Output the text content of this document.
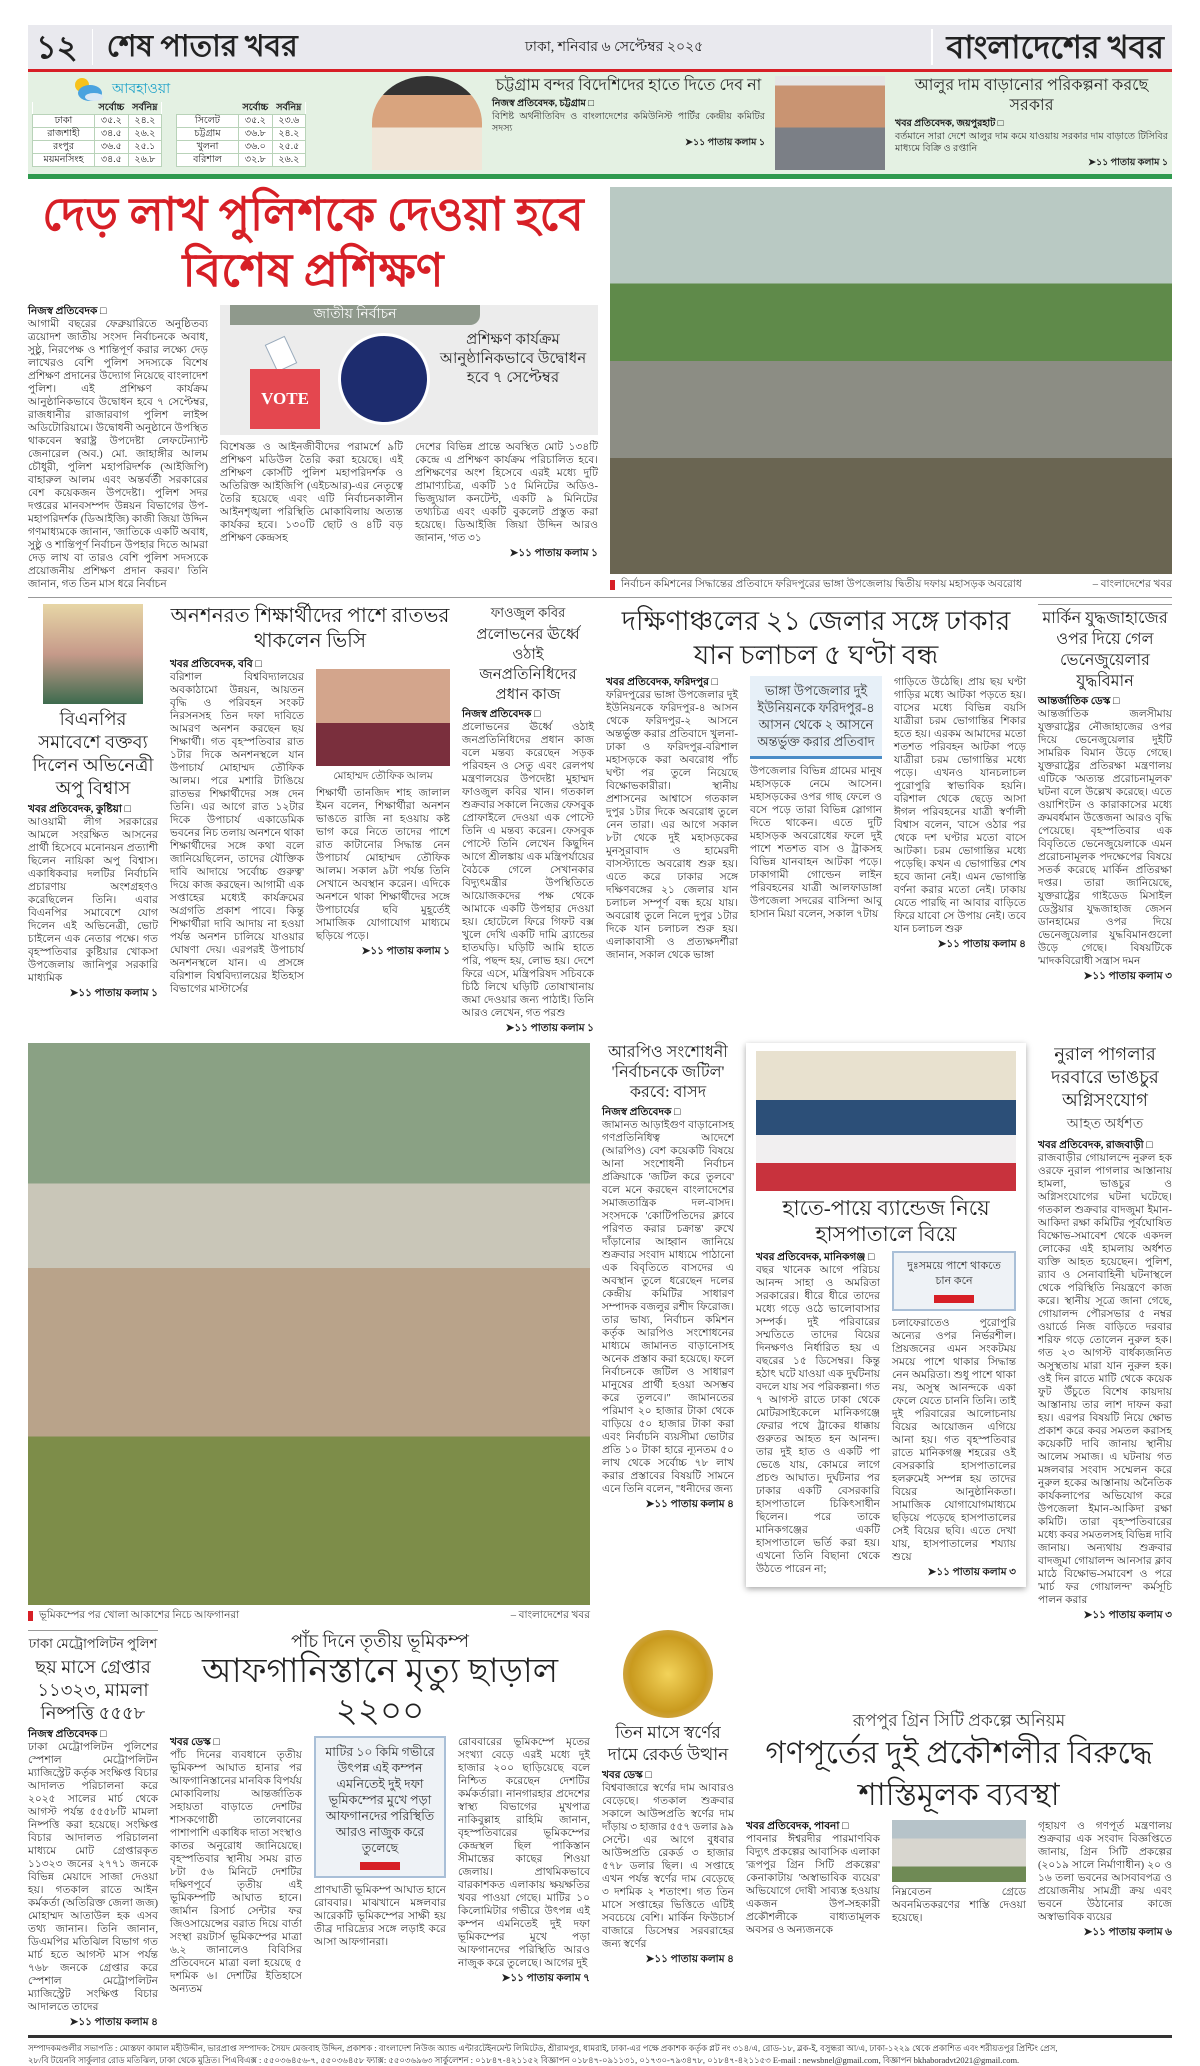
১২ শেষ পাতার খবর	ঢাকা, শনিবার ৬ সেপ্টেম্বর ২০২৫	বাংলাদেশের খবর
আবহাওয়া
	সর্বোচ্চ	সর্বনিম্ন
ঢাকা	৩৫.২	২৪.২
রাজশাহী	৩৪.৫	২৬.২
রংপুর	৩৬.৫	২৫.১
ময়মনসিংহ	৩৪.৫	২৬.৮
	সর্বোচ্চ	সর্বনিম্ন
সিলেট	৩৫.২	২৩.৬
চট্টগ্রাম	৩৬.৮	২৪.২
খুলনা	৩৬.০	২৫.৫
বরিশাল	৩২.৮	২৬.২
চট্টগ্রাম বন্দর বিদেশিদের হাতে দিতে দেব না
নিজস্ব প্রতিবেদক, চট্টগ্রাম □
বিশিষ্ট অর্থনীতিবিদ ও বাংলাদেশের কমিউনিস্ট পার্টির কেন্দ্রীয় কমিটির সদস্য
➤ ১১ পাতায় কলাম ১
আলুর দাম বাড়ানোর পরিকল্পনা করছে সরকার
খবর প্রতিবেদক, জয়পুরহাট □
বর্তমানে সারা দেশে আলুর দাম কমে যাওয়ায় সরকার দাম বাড়াতে টিসিবির মাধ্যমে বিক্রি ও রপ্তানি
➤ ১১ পাতায় কলাম ১
দেড় লাখ পুলিশকে দেওয়া হবে বিশেষ প্রশিক্ষণ
নিজস্ব প্রতিবেদক □
আগামী বছরের ফেব্রুয়ারিতে অনুষ্ঠিতব্য ত্রয়োদশ জাতীয় সংসদ নির্বাচনকে অবাধ, সুষ্ঠু, নিরপেক্ষ ও শান্তিপূর্ণ করার লক্ষ্যে দেড় লাখেরও বেশি পুলিশ সদস্যকে বিশেষ প্রশিক্ষণ প্রদানের উদ্যোগ নিয়েছে বাংলাদেশ পুলিশ। এই প্রশিক্ষণ কার্যক্রম আনুষ্ঠানিকভাবে উদ্বোধন হবে ৭ সেপ্টেম্বর, রাজধানীর রাজারবাগ পুলিশ লাইন্স অডিটোরিয়ামে। উদ্বোধনী অনুষ্ঠানে উপস্থিত থাকবেন স্বরাষ্ট্র উপদেষ্টা লেফটেন্যান্ট জেনারেল (অব.) মো. জাহাঙ্গীর আলম চৌধুরী, পুলিশ মহাপরিদর্শক (আইজিপি) বাহারুল আলম এবং অন্তর্বর্তী সরকারের বেশ কয়েকজন উপদেষ্টা। পুলিশ সদর দপ্তরের মানবসম্পদ উন্নয়ন বিভাগের উপ-মহাপরিদর্শক (ডিআইজি) কাজী জিয়া উদ্দিন গণমাধ্যমকে জানান, 'জাতিকে একটি অবাধ, সুষ্ঠু ও শান্তিপূর্ণ নির্বাচন উপহার দিতে আমরা দেড় লাখ বা তারও বেশি পুলিশ সদস্যকে প্রয়োজনীয় প্রশিক্ষণ প্রদান করব।' তিনি জানান, গত তিন মাস ধরে নির্বাচন
জাতীয় নির্বাচন
VOTE
প্রশিক্ষণ কার্যক্রম আনুষ্ঠানিকভাবে উদ্বোধন হবে ৭ সেপ্টেম্বর
বিশেষজ্ঞ ও আইনজীবীদের পরামর্শে ৯টি প্রশিক্ষণ মডিউল তৈরি করা হয়েছে। এই প্রশিক্ষণ কোর্সটি পুলিশ মহাপরিদর্শক ও অতিরিক্ত আইজিপি (এইচআর)-এর নেতৃত্বে তৈরি হয়েছে এবং এটি নির্বাচনকালীন আইনশৃঙ্খলা পরিস্থিতি মোকাবিলায় অত্যন্ত কার্যকর হবে। ১৩০টি ছোট ও ৪টি বড় প্রশিক্ষণ কেন্দ্রসহ
দেশের বিভিন্ন প্রান্তে অবস্থিত মোট ১৩৪টি কেন্দ্রে এ প্রশিক্ষণ কার্যক্রম পরিচালিত হবে। প্রশিক্ষণের অংশ হিসেবে এরই মধ্যে দুটি প্রামাণ্যচিত্র, একটি ১৫ মিনিটের অডিও-ভিজ্যুয়াল কনটেন্ট, একটি ৯ মিনিটের তথ্যচিত্র এবং একটি বুকলেট প্রস্তুত করা হয়েছে। ডিআইজি জিয়া উদ্দিন আরও জানান, 'গত ৩১
➤ ১১ পাতায় কলাম ১
নির্বাচন কমিশনের সিদ্ধান্তের প্রতিবাদে ফরিদপুরের ভাঙ্গা উপজেলায় দ্বিতীয় দফায় মহাসড়ক অবরোধ	– বাংলাদেশের খবর
বিএনপির সমাবেশে বক্তব্য দিলেন অভিনেত্রী অপু বিশ্বাস
খবর প্রতিবেদক, কুষ্টিয়া □
আওয়ামী লীগ সরকারের আমলে সংরক্ষিত আসনের প্রার্থী হিসেবে মনোনয়ন প্রত্যাশী ছিলেন নায়িকা অপু বিশ্বাস। একাধিকবার দলটির নির্বাচনি প্রচারণায় অংশগ্রহণও করেছিলেন তিনি। এবার বিএনপির সমাবেশে যোগ দিলেন এই অভিনেত্রী, ভোট চাইলেন এক নেতার পক্ষে। গত বৃহস্পতিবার কুষ্টিয়ার খোকসা উপজেলায় জানিপুর সরকারি মাধ্যমিক
➤ ১১ পাতায় কলাম ১
অনশনরত শিক্ষার্থীদের পাশে রাতভর থাকলেন ভিসি
খবর প্রতিবেদক, ববি □
বরিশাল বিশ্ববিদ্যালয়ের অবকাঠামো উন্নয়ন, আয়তন বৃদ্ধি ও পরিবহন সংকট নিরসনসহ তিন দফা দাবিতে আমরণ অনশন করছেন ছয় শিক্ষার্থী। গত বৃহস্পতিবার রাত ১টার দিকে অনশনস্থলে যান উপাচার্য মোহাম্মদ তৌফিক আলম। পরে মশারি টাঙিয়ে রাতভর শিক্ষার্থীদের সঙ্গ দেন তিনি। এর আগে রাত ১২টার দিকে উপাচার্য একাডেমিক ভবনের নিচ তলায় অনশনে থাকা শিক্ষার্থীদের সঙ্গে কথা বলে জানিয়েছিলেন, তাদের যৌক্তিক দাবি আদায়ে 'সর্বোচ্চ গুরুত্ব' দিয়ে কাজ করছেন। আগামী এক সপ্তাহের মধ্যেই কার্যক্রমের অগ্রগতি প্রকাশ পাবে। কিন্তু শিক্ষার্থীরা দাবি আদায় না হওয়া পর্যন্ত অনশন চালিয়ে যাওয়ার ঘোষণা দেয়। এরপরই উপাচার্য অনশনস্থলে যান। এ প্রসঙ্গে বরিশাল বিশ্ববিদ্যালয়ের ইতিহাস বিভাগের মাস্টার্সের
মোহাম্মদ তৌফিক আলম
শিক্ষার্থী তানজিদ শাহ জালাল ইমন বলেন, শিক্ষার্থীরা অনশন ভাঙতে রাজি না হওয়ায় কষ্ট ভাগ করে নিতে তাদের পাশে রাত কাটানোর সিদ্ধান্ত নেন উপাচার্য মোহাম্মদ তৌফিক আলম। সকাল ৯টা পর্যন্ত তিনি সেখানে অবস্থান করেন। এদিকে অনশনে থাকা শিক্ষার্থীদের সঙ্গে উপাচার্যের ছবি মুহূর্তেই সামাজিক যোগাযোগ মাধ্যমে ছড়িয়ে পড়ে।
➤ ১১ পাতায় কলাম ১
ফাওজুল কবির
প্রলোভনের ঊর্ধ্বে ওঠাই জনপ্রতিনিধিদের প্রধান কাজ
নিজস্ব প্রতিবেদক □
প্রলোভনের ঊর্ধ্বে ওঠাই জনপ্রতিনিধিদের প্রধান কাজ বলে মন্তব্য করেছেন সড়ক পরিবহন ও সেতু এবং রেলপথ মন্ত্রণালয়ের উপদেষ্টা মুহাম্মদ ফাওজুল কবির খান। গতকাল শুক্রবার সকালে নিজের ফেসবুক প্রোফাইলে দেওয়া এক পোস্টে তিনি এ মন্তব্য করেন। ফেসবুক পোস্টে তিনি লেখেন কিছুদিন আগে শ্রীলঙ্কায় এক মন্ত্রিপর্যায়ের বৈঠকে গেলে সেখানকার বিদ্যুৎমন্ত্রীর উপস্থিতিতে আয়োজকদের পক্ষ থেকে আমাকে একটি উপহার দেওয়া হয়। হোটেলে ফিরে গিফট বক্স খুলে দেখি একটি দামি ব্র্যান্ডের হাতঘড়ি। ঘড়িটি আমি হাতে পরি, পছন্দ হয়, লোভ হয়। দেশে ফিরে এসে, মন্ত্রিপরিষদ সচিবকে চিঠি লিখে ঘড়িটি তোষাখানায় জমা দেওয়ার জন্য পাঠাই। তিনি আরও লেখেন, গত পরশু
➤ ১১ পাতায় কলাম ১
দক্ষিণাঞ্চলের ২১ জেলার সঙ্গে ঢাকার যান চলাচল ৫ ঘণ্টা বন্ধ
খবর প্রতিবেদক, ফরিদপুর □
ফরিদপুরের ভাঙ্গা উপজেলার দুই ইউনিয়নকে ফরিদপুর-৪ আসন থেকে ফরিদপুর-২ আসনে অন্তর্ভুক্ত করার প্রতিবাদে খুলনা-ঢাকা ও ফরিদপুর-বরিশাল মহাসড়কে করা অবরোধ পাঁচ ঘণ্টা পর তুলে নিয়েছে বিক্ষোভকারীরা। স্থানীয় প্রশাসনের আশ্বাসে গতকাল দুপুর ১টার দিকে অবরোধ তুলে নেন তারা। এর আগে সকাল ৮টা থেকে দুই মহাসড়কের মুনসুরাবাদ ও হামেরদী বাসস্ট্যান্ডে অবরোধ শুরু হয়। এতে করে ঢাকার সঙ্গে দক্ষিণবঙ্গের ২১ জেলার যান চলাচল সম্পূর্ণ বন্ধ হয়ে যায়। অবরোধ তুলে নিলে দুপুর ১টার দিকে যান চলাচল শুরু হয়। এলাকাবাসী ও প্রত্যক্ষদর্শীরা জানান, সকাল থেকে ভাঙ্গা
ভাঙ্গা উপজেলার দুই ইউনিয়নকে ফরিদপুর-৪ আসন থেকে ২ আসনে অন্তর্ভুক্ত করার প্রতিবাদ
উপজেলার বিভিন্ন গ্রামের মানুষ মহাসড়কে নেমে আসেন। মহাসড়কের ওপর গাছ ফেলে ও বসে পড়ে তারা বিভিন্ন স্লোগান দিতে থাকেন। এতে দুটি মহাসড়ক অবরোধের ফলে দুই পাশে শতশত বাস ও ট্রাকসহ বিভিন্ন যানবাহন আটকা পড়ে। ঢাকাগামী গোল্ডেন লাইন পরিবহনের যাত্রী আলফাডাঙ্গা উপজেলা সদরের বাসিন্দা আবু হাসান মিয়া বলেন, সকাল ৭টায়
গাড়িতে উঠেছি। প্রায় ছয় ঘণ্টা গাড়ির মধ্যে আটকা পড়তে হয়। বাসের মধ্যে বিভিন্ন বয়সি যাত্রীরা চরম ভোগান্তির শিকার হতে হয়। এরকম আমাদের মতো শতশত পরিবহন আটকা পড়ে যাত্রীরা চরম ভোগান্তির মধ্যে পড়ে। এখনও যানচলাচল পুরোপুরি স্বাভাবিক হয়নি। বরিশাল থেকে ছেড়ে আসা ঈগল পরিবহনের যাত্রী স্বর্ণালী বিশ্বাস বলেন, 'বাসে ওঠার পর থেকে দশ ঘণ্টার মতো বাসে আটকা। চরম ভোগান্তির মধ্যে পড়েছি। কখন এ ভোগান্তির শেষ হবে জানা নেই। এমন ভোগান্তি বর্ণনা করার মতো নেই। ঢাকায় যেতে পারছি না আবার বাড়িতে ফিরে যাবো সে উপায় নেই। তবে যান চলাচল শুরু
➤ ১১ পাতায় কলাম ৪
মার্কিন যুদ্ধজাহাজের ওপর দিয়ে গেল ভেনেজুয়েলার যুদ্ধবিমান
আন্তর্জাতিক ডেস্ক □
আন্তর্জাতিক জলসীমায় যুক্তরাষ্ট্রের নৌজাহাজের ওপর দিয়ে ভেনেজুয়েলার দুইটি সামরিক বিমান উড়ে গেছে। যুক্তরাষ্ট্রের প্রতিরক্ষা মন্ত্রণালয় এটিকে 'অত্যন্ত প্ররোচনামূলক' ঘটনা বলে উল্লেখ করেছে। এতে ওয়াশিংটন ও কারাকাসের মধ্যে ক্রমবর্ধমান উত্তেজনা আরও বৃদ্ধি পেয়েছে। বৃহস্পতিবার এক বিবৃতিতে ভেনেজুয়েলাকে এমন প্ররোচনামূলক পদক্ষেপের বিষয়ে সতর্ক করেছে মার্কিন প্রতিরক্ষা দপ্তর। তারা জানিয়েছে, যুক্তরাষ্ট্রের গাইডেড মিসাইল ডেস্ট্রয়ার যুদ্ধজাহাজ জেসন ডানহামের ওপর দিয়ে ভেনেজুয়েলার যুদ্ধবিমানগুলো উড়ে গেছে। বিষয়টিকে 'মাদকবিরোধী সন্ত্রাস দমন
➤ ১১ পাতায় কলাম ৩
ভূমিকম্পের পর খোলা আকাশের নিচে আফগানরা	– বাংলাদেশের খবর
আরপিও সংশোধনী 'নির্বাচনকে জটিল' করবে: বাসদ
নিজস্ব প্রতিবেদক □
জামানত আড়াইগুণ বাড়ানোসহ গণপ্রতিনিধিত্ব আদেশে (আরপিও) বেশ কয়েকটি বিষয়ে আনা সংশোধনী নির্বাচন প্রক্রিয়াকে 'জটিল করে তুলবে' বলে মনে করছেন বাংলাদেশের সমাজতান্ত্রিক দল-বাসদ। সংসদকে 'কোটিপতিদের ক্লাবে পরিণত করার চক্রান্ত' রুখে দাঁড়ানোর আহ্বান জানিয়ে শুক্রবার সংবাদ মাধ্যমে পাঠানো এক বিবৃতিতে বাসদের এ অবস্থান তুলে ধরেছেন দলের কেন্দ্রীয় কমিটির সাধারণ সম্পাদক বজলুর রশীদ ফিরোজ। তার ভাষ্য, নির্বাচন কমিশন কর্তৃক আরপিও সংশোধনের মাধ্যমে জামানত বাড়ানোসহ অনেক প্রস্তাব করা হয়েছে। ফলে নির্বাচনকে জটিল ও সাধারণ মানুষের প্রার্থী হওয়া অসম্ভব করে তুলবে।" জামানতের পরিমাণ ২০ হাজার টাকা থেকে বাড়িয়ে ৫০ হাজার টাকা করা এবং নির্বাচনি ব্যয়সীমা ভোটার প্রতি ১০ টাকা হারে ন্যূনতম ৫০ লাখ থেকে সর্বোচ্চ ৭৮ লাখ করার প্রস্তাবের বিষয়টি সামনে এনে তিনি বলেন, "ধনীদের জন্য
➤ ১১ পাতায় কলাম ৪
হাতে-পায়ে ব্যান্ডেজ নিয়ে হাসপাতালে বিয়ে
খবর প্রতিবেদক, মানিকগঞ্জ □
বছর খানেক আগে পরিচয় আনন্দ সাহা ও অমরিতা সরকারের। ধীরে ধীরে তাদের মধ্যে গড়ে ওঠে ভালোবাসার সম্পর্ক। দুই পরিবারের সম্মতিতে তাদের বিয়ের দিনক্ষণও নির্ধারিত হয় এ বছরের ১৫ ডিসেম্বর। কিন্তু হঠাৎ ঘটে যাওয়া এক দুর্ঘটনায় বদলে যায় সব পরিকল্পনা। গত ৭ আগস্ট রাতে ঢাকা থেকে মোটরসাইকেলে মানিকগঞ্জে ফেরার পথে ট্রাকের ধাক্কায় গুরুতর আহত হন আনন্দ। তার দুই হাত ও একটি পা ভেঙে যায়, কোমরে লাগে প্রচণ্ড আঘাত। দুর্ঘটনার পর ঢাকার একটি বেসরকারি হাসপাতালে চিকিৎসাধীন ছিলেন। পরে তাকে মানিকগঞ্জের একটি হাসপাতালে ভর্তি করা হয়। এখনো তিনি বিছানা থেকে উঠতে পারেন না;
দুঃসময়ে পাশে থাকতে চান কনে
চলাফেরাতেও পুরোপুরি অন্যের ওপর নির্ভরশীল। প্রিয়জনের এমন সংকটময় সময়ে পাশে থাকার সিদ্ধান্ত নেন অমরিতা। শুধু পাশে থাকা নয়, অসুস্থ আনন্দকে একা ফেলে যেতে চাননি তিনি। তাই দুই পরিবারের আলোচনায় বিয়ের আয়োজন এগিয়ে আনা হয়। গত বৃহস্পতিবার রাতে মানিকগঞ্জ শহরের ওই বেসরকারি হাসপাতালের হলরুমেই সম্পন্ন হয় তাদের বিয়ের আনুষ্ঠানিকতা। সামাজিক যোগাযোগমাধ্যমে ছড়িয়ে পড়েছে হাসপাতালের সেই বিয়ের ছবি। এতে দেখা যায়, হাসপাতালের শয্যায় শুয়ে
➤ ১১ পাতায় কলাম ৩
নুরাল পাগলার দরবারে ভাঙচুর অগ্নিসংযোগ
আহত অর্ধশত
খবর প্রতিবেদক, রাজবাড়ী □
রাজবাড়ীর গোয়ালন্দে নুরুল হক ওরফে নুরাল পাগলার আস্তানায় হামলা, ভাঙচুর ও অগ্নিসংযোগের ঘটনা ঘটেছে। গতকাল শুক্রবার বাদজুমা ইমান-আকিদা রক্ষা কমিটির পূর্বঘোষিত বিক্ষোভ-সমাবেশ থেকে একদল লোকের এই হামলায় অর্ধশত ব্যক্তি আহত হয়েছেন। পুলিশ, র‌্যাব ও সেনাবাহিনী ঘটনাস্থলে থেকে পরিস্থিতি নিয়ন্ত্রণে কাজ করে। স্থানীয় সূত্রে জানা গেছে, গোয়ালন্দ পৌরসভার ৫ নম্বর ওয়ার্ডে নিজ বাড়িতে দরবার শরিফ গড়ে তোলেন নুরুল হক। গত ২৩ আগস্ট বার্ধক্যজনিত অসুস্থতায় মারা যান নুরুল হক। ওই দিন রাতে মাটি থেকে কয়েক ফুট উঁচুতে বিশেষ কায়দায় আস্তানায় তার লাশ দাফন করা হয়। এরপর বিষয়টি নিয়ে ক্ষোভ প্রকাশ করে কবর সমতল করাসহ কয়েকটি দাবি জানায় স্থানীয় আলেম সমাজ। এ ঘটনায় গত মঙ্গলবার সংবাদ সম্মেলন করে নুরুল হকের আস্তানায় অনৈতিক কার্যকলাপের অভিযোগ করে উপজেলা ইমান-আকিদা রক্ষা কমিটি। তারা বৃহস্পতিবারের মধ্যে কবর সমতলসহ বিভিন্ন দাবি জানায়। অন্যথায় শুক্রবার বাদজুমা গোয়ালন্দ আনসার ক্লাব মাঠে বিক্ষোভ-সমাবেশ ও পরে 'মার্চ ফর গোয়ালন্দ' কর্মসূচি পালন করার
➤ ১১ পাতায় কলাম ৩
ঢাকা মেট্রোপলিটন পুলিশ
ছয় মাসে গ্রেপ্তার ১১৩২৩, মামলা নিষ্পত্তি ৫৫৫৮
নিজস্ব প্রতিবেদক □
ঢাকা মেট্রোপলিটন পুলিশের স্পেশাল মেট্রোপলিটন ম্যাজিস্ট্রেট কর্তৃক সংক্ষিপ্ত বিচার আদালত পরিচালনা করে ২০২৫ সালের মার্চ থেকে আগস্ট পর্যন্ত ৫৫৫৮টি মামলা নিষ্পত্তি করা হয়েছে। সংক্ষিপ্ত বিচার আদালত পরিচালনা মাধ্যমে মোট গ্রেপ্তারকৃত ১১৩২৩ জনের ২৭৭১ জনকে বিভিন্ন মেয়াদে সাজা দেওয়া হয়। গতকাল রাতে আইন কর্মকর্তা (অতিরিক্ত জেলা জজ) মোহাম্মদ আতাউল হক এসব তথ্য জানান। তিনি জানান, ডিএমপির মতিঝিল বিভাগ গত মার্চ হতে আগস্ট মাস পর্যন্ত ৭৬৮ জনকে গ্রেপ্তার করে স্পেশাল মেট্রোপলিটন ম্যাজিস্ট্রেট সংক্ষিপ্ত বিচার আদালতে তাদের
➤ ১১ পাতায় কলাম ৪
পাঁচ দিনে তৃতীয় ভূমিকম্প
আফগানিস্তানে মৃত্যু ছাড়াল ২২০০
খবর ডেস্ক □
পাঁচ দিনের ব্যবধানে তৃতীয় ভূমিকম্প আঘাত হানার পর আফগানিস্তানের মানবিক বিপর্যয় মোকাবিলায় আন্তর্জাতিক সহায়তা বাড়াতে দেশটির শাসকগোষ্ঠী তালেবানের পাশাপাশি একাধিক দাতা সংস্থাও কাতর অনুরোধ জানিয়েছে। বৃহস্পতিবার স্থানীয় সময় রাত ৮টা ৫৬ মিনিটে দেশটির দক্ষিণপূর্বে তৃতীয় এই ভূমিকম্পটি আঘাত হানে। জার্মান রিসার্চ সেন্টার ফর জিওসায়েন্সের বরাত দিয়ে বার্তা সংস্থা রয়টার্স ভূমিকম্পের মাত্রা ৬.২ জানালেও বিবিসির প্রতিবেদনে মাত্রা বলা হয়েছে ৫ দশমিক ৬। দেশটির ইতিহাসে অন্যতম
মাটির ১০ কিমি গভীরে উৎপন্ন এই কম্পন এমনিতেই দুই দফা ভূমিকম্পের মুখে পড়া আফগানদের পরিস্থিতি আরও নাজুক করে তুলেছে
প্রাণঘাতী ভূমিকম্প আঘাত হানে রোববার। মাঝখানে মঙ্গলবার আরেকটি ভূমিকম্পের সাক্ষী হয় তীব্র দারিদ্র্যের সঙ্গে লড়াই করে আসা আফগানরা।
রোববারের ভূমিকম্পে মৃতের সংখ্যা বেড়ে এরই মধ্যে দুই হাজার ২০০ ছাড়িয়েছে বলে নিশ্চিত করেছেন দেশটির কর্মকর্তারা। নানগারহার প্রদেশের স্বাস্থ্য বিভাগের মুখপাত্র নাকিবুল্লাহ রাহিমি জানান, বৃহস্পতিবারের ভূমিকম্পের কেন্দ্রস্থল ছিল পাকিস্তান সীমান্তের কাছের শিওয়া জেলায়। প্রাথমিকভাবে বারকাশকত এলাকায় ক্ষয়ক্ষতির খবর পাওয়া গেছে। মাটির ১০ কিলোমিটার গভীরে উৎপন্ন এই কম্পন এমনিতেই দুই দফা ভূমিকম্পের মুখে পড়া আফগানদের পরিস্থিতি আরও নাজুক করে তুলেছে। আগের দুই
➤ ১১ পাতায় কলাম ৭
তিন মাসে স্বর্ণের দামে রেকর্ড উত্থান
খবর ডেস্ক □
বিশ্ববাজারে স্বর্ণের দাম আবারও বেড়েছে। গতকাল শুক্রবার সকালে আউন্সপ্রতি স্বর্ণের দাম দাঁড়ায় ৩ হাজার ৫৫৭ ডলার ৯৯ সেন্টে। এর আগে বুধবার আউন্সপ্রতি রেকর্ড ৩ হাজার ৫৭৮ ডলার ছিল। এ সপ্তাহে এখন পর্যন্ত স্বর্ণের দাম বেড়েছে ৩ দশমিক ২ শতাংশ। গত তিন মাসে সপ্তাহের ভিত্তিতে এটিই সবচেয়ে বেশি। মার্কিন ফিউচার্স বাজারে ডিসেম্বর সরবরাহের জন্য স্বর্ণের
➤ ১১ পাতায় কলাম ৪
রূপপুর গ্রিন সিটি প্রকল্পে অনিয়ম
গণপূর্তের দুই প্রকৌশলীর বিরুদ্ধে শাস্তিমূলক ব্যবস্থা
খবর প্রতিবেদক, পাবনা □
পাবনার ঈশ্বরদীর পারমাণবিক বিদ্যুৎ প্রকল্পের আবাসিক এলাকা 'রূপপুর গ্রিন সিটি প্রকল্পের' কেনাকাটায় 'অস্বাভাবিক ব্যয়ের' অভিযোগে দোষী সাব্যস্ত হওয়ায় একজন উপ-সহকারী প্রকৌশলীকে বাধ্যতামূলক অবসর ও অন্যজনকে
নিম্নবেতন গ্রেডে অবনমিতকরণের শাস্তি দেওয়া হয়েছে।
গৃহায়ণ ও গণপূর্ত মন্ত্রণালয় শুক্রবার এক সংবাদ বিজ্ঞপ্তিতে জানায়, গ্রিন সিটি প্রকল্পের (২০১৯ সালে নির্মাণাধীন) ২০ ও ১৬ তলা ভবনের আসবাবপত্র ও প্রয়োজনীয় সামগ্রী ক্রয় এবং ভবনে উঠানোর কাজে অস্বাভাবিক ব্যয়ের
➤ ১১ পাতায় কলাম ৬
সম্পাদকমণ্ডলীর সভাপতি : মোস্তফা কামাল মহীউদ্দীন, ভারপ্রাপ্ত সম্পাদক: সৈয়দ মেজবাহ উদ্দিন, প্রকাশক : বাংলাদেশ নিউজ অ্যান্ড এন্টারটেইনমেন্ট লিমিটেড, শ্রীরামপুর, ধামরাই, ঢাকা-এর পক্ষে প্রকাশক কর্তৃক প্লট নং ৩১৪/এ, রোড-১৮, ব্লক-ই, বসুন্ধরা আ/এ, ঢাকা-১২২৯ থেকে প্রকাশিত এবং শরীয়তপুর প্রিন্টিং প্রেস,
২৮/বি টয়েনবি সার্কুলার রোড মতিঝিল, ঢাকা থেকে মুদ্রিত। পিএবিএক্স : ৫৫০৩৬৪৫৬-৭, ৫৫০৩৬৪৫৮ ফ্যাক্স: ৫৫০৩৬৯৬৩ সার্কুলেশন : ০১৮৪৭-৪২১১৫২ বিজ্ঞাপন ০১৮৪৭-০৯১১৩১, ০১৭৩০-৭৯৩৪৭৮, ০১৮৪৭-৪২১১৫৩ E-mail : newsbnel@gmail.com, বিজ্ঞাপন bkhaboradvt2021@gmail.com.
